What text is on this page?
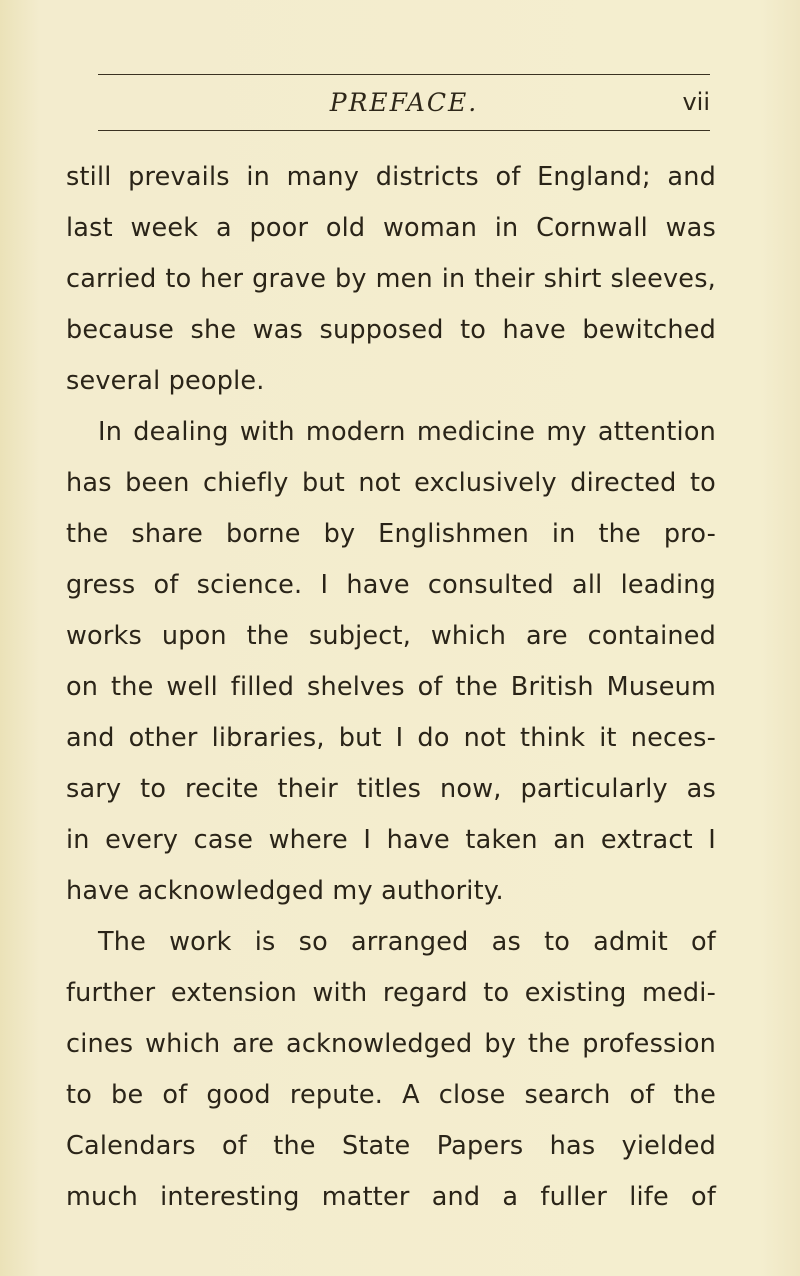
PREFACE.	vii
still prevails in many districts of England; and
last week a poor old woman in Cornwall was
carried to her grave by men in their shirt sleeves,
because she was supposed to have bewitched
several people.
In dealing with modern medicine my attention
has been chiefly but not exclusively directed to
the share borne by Englishmen in the pro-
gress of science. I have consulted all leading
works upon the subject, which are contained
on the well filled shelves of the British Museum
and other libraries, but I do not think it neces-
sary to recite their titles now, particularly as
in every case where I have taken an extract I
have acknowledged my authority.
The work is so arranged as to admit of
further extension with regard to existing medi-
cines which are acknowledged by the profession
to be of good repute. A close search of the
Calendars of the State Papers has yielded
much interesting matter and a fuller life of
